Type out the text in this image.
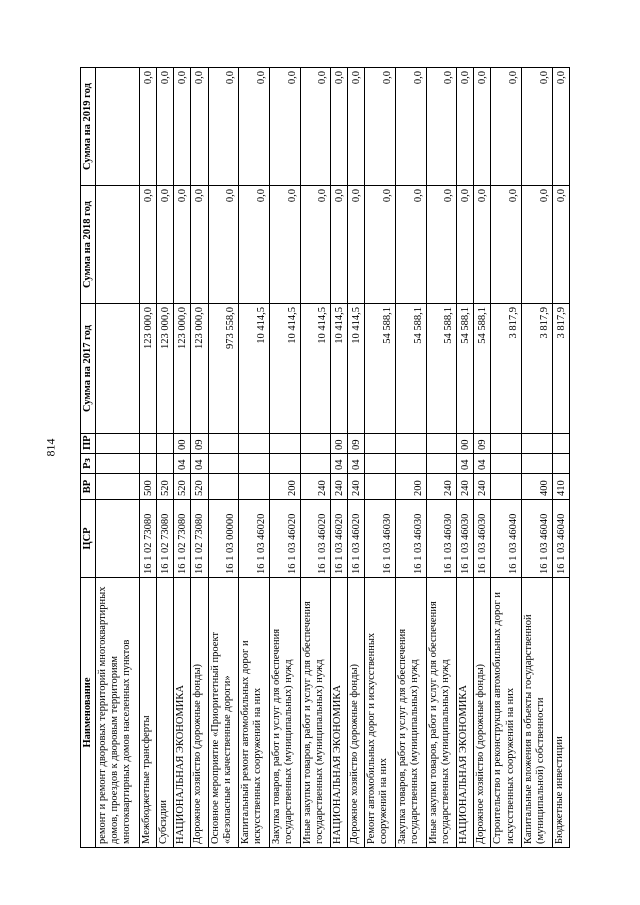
814
Наименование	ЦСР	ВР	Рз	ПР	Сумма на 2017 год	Сумма на 2018 год	Сумма на 2019 год
ремонт и ремонт дворовых территорий многоквартирных домов, проездов к дворовым территориям многоквартирных домов населенных пунктов							
Межбюджетные трансферты	16 1 02 73080	500			123 000,0	0,0	0,0
Субсидии	16 1 02 73080	520			123 000,0	0,0	0,0
НАЦИОНАЛЬНАЯ ЭКОНОМИКА	16 1 02 73080	520	04	00	123 000,0	0,0	0,0
Дорожное хозяйство (дорожные фонды)	16 1 02 73080	520	04	09	123 000,0	0,0	0,0
Основное мероприятие «Приоритетный проект «Безопасные и качественные дороги»	16 1 03 00000				973 558,0	0,0	0,0
Капитальный ремонт автомобильных дорог и искусственных сооружений на них	16 1 03 46020				10 414,5	0,0	0,0
Закупка товаров, работ и услуг для обеспечения государственных (муниципальных) нужд	16 1 03 46020	200			10 414,5	0,0	0,0
Иные закупки товаров, работ и услуг для обеспечения государственных (муниципальных) нужд	16 1 03 46020	240			10 414,5	0,0	0,0
НАЦИОНАЛЬНАЯ ЭКОНОМИКА	16 1 03 46020	240	04	00	10 414,5	0,0	0,0
Дорожное хозяйство (дорожные фонды)	16 1 03 46020	240	04	09	10 414,5	0,0	0,0
Ремонт автомобильных дорог и искусственных сооружений на них	16 1 03 46030				54 588,1	0,0	0,0
Закупка товаров, работ и услуг для обеспечения государственных (муниципальных) нужд	16 1 03 46030	200			54 588,1	0,0	0,0
Иные закупки товаров, работ и услуг для обеспечения государственных (муниципальных) нужд	16 1 03 46030	240			54 588,1	0,0	0,0
НАЦИОНАЛЬНАЯ ЭКОНОМИКА	16 1 03 46030	240	04	00	54 588,1	0,0	0,0
Дорожное хозяйство (дорожные фонды)	16 1 03 46030	240	04	09	54 588,1	0,0	0,0
Строительство и реконструкция автомобильных дорог и искусственных сооружений на них	16 1 03 46040				3 817,9	0,0	0,0
Капитальные вложения в объекты государственной (муниципальной) собственности	16 1 03 46040	400			3 817,9	0,0	0,0
Бюджетные инвестиции	16 1 03 46040	410			3 817,9	0,0	0,0
